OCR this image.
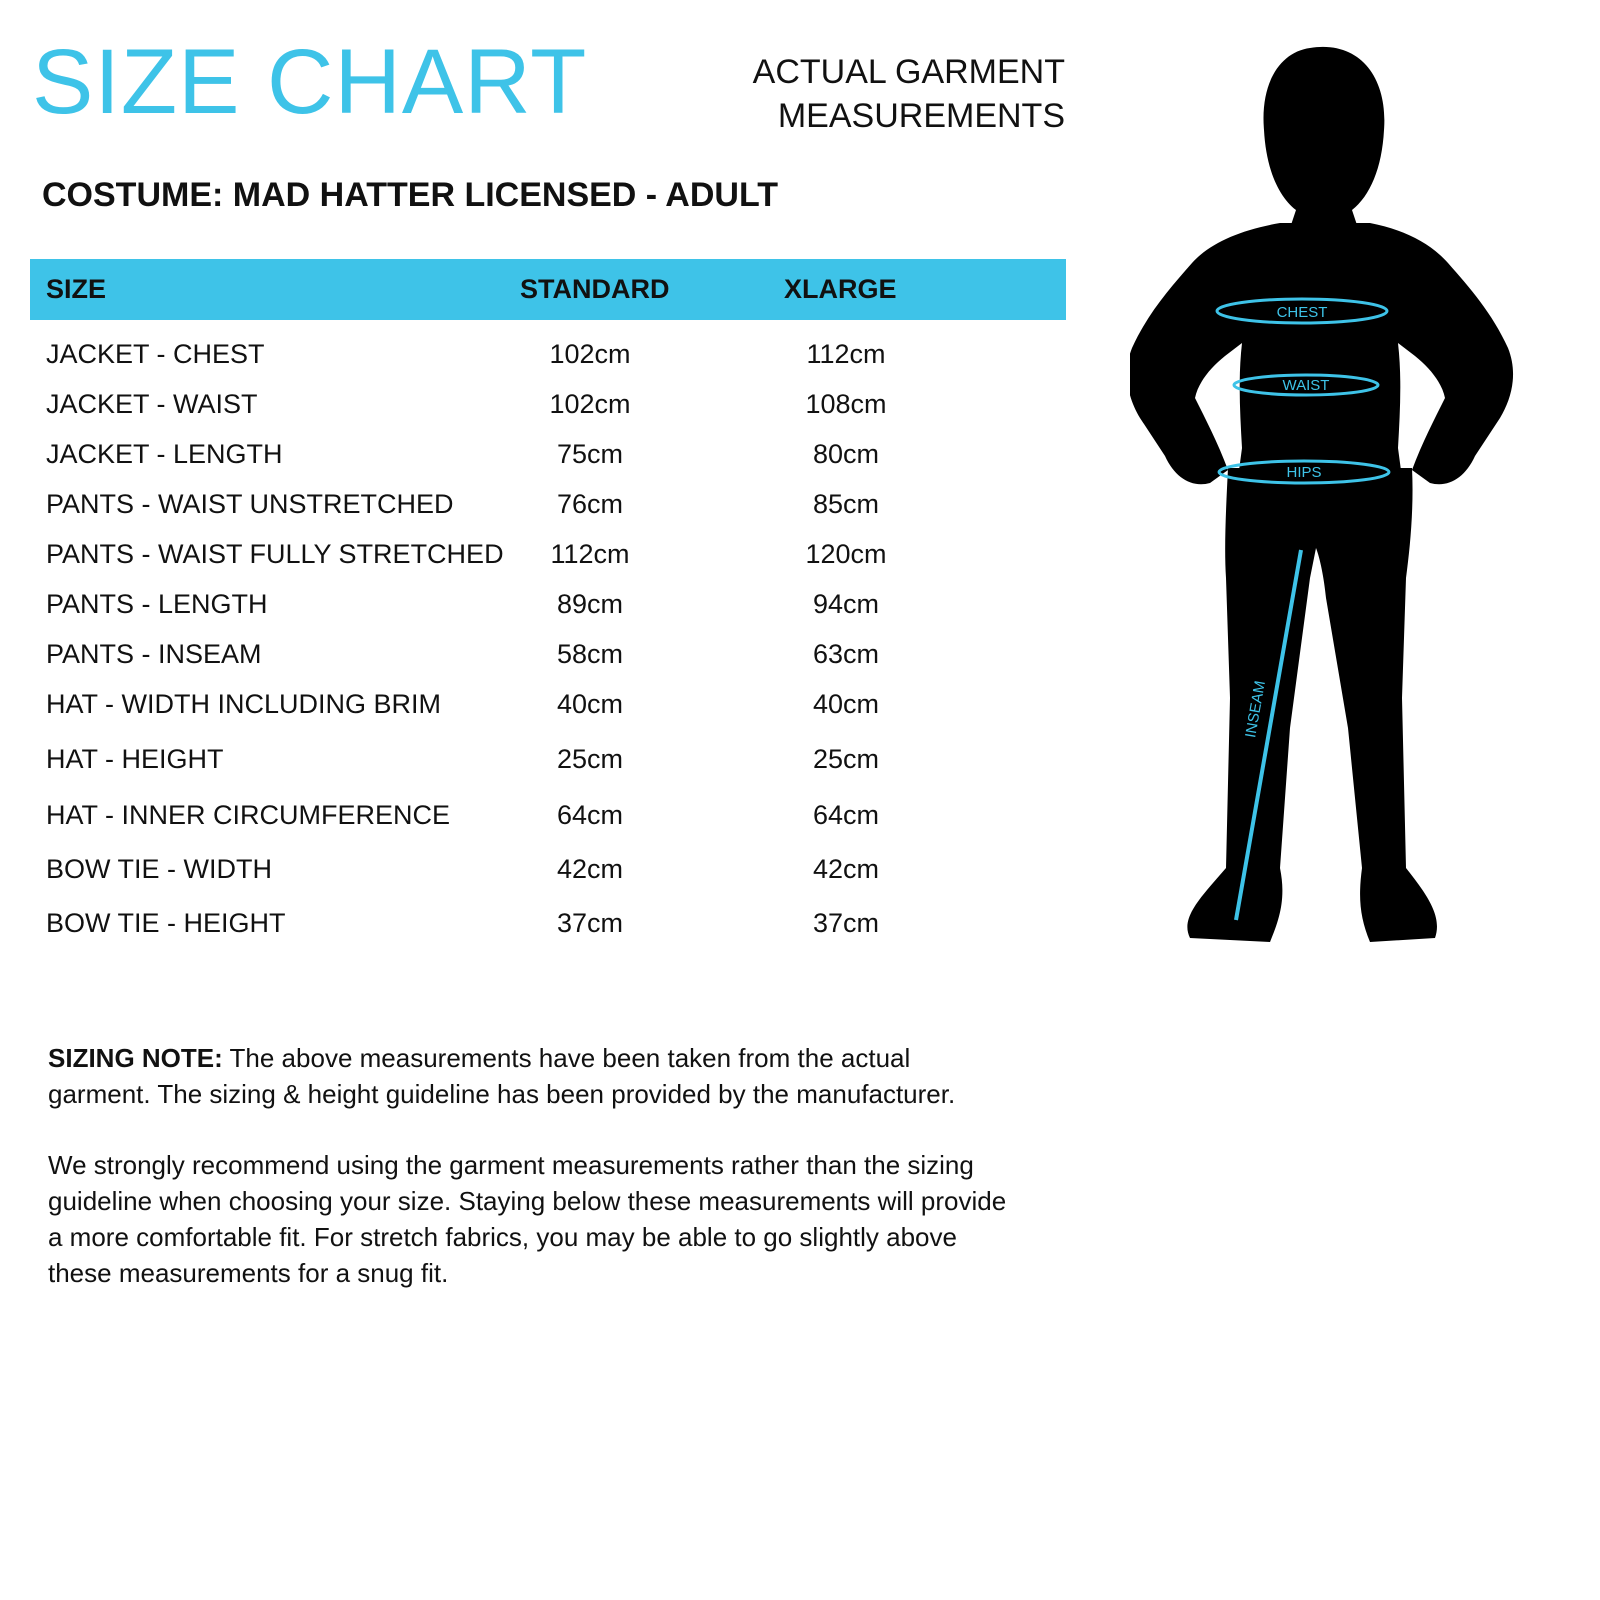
SIZE CHART	ACTUAL GARMENT
MEASUREMENTS
COSTUME: MAD HATTER LICENSED - ADULT
SIZE	STANDARD	XLARGE
JACKET - CHEST	102cm	112cm
JACKET - WAIST	102cm	108cm
JACKET - LENGTH	75cm	80cm
PANTS - WAIST UNSTRETCHED	76cm	85cm
PANTS - WAIST FULLY STRETCHED	112cm	120cm
PANTS - LENGTH	89cm	94cm
PANTS - INSEAM	58cm	63cm
HAT - WIDTH INCLUDING BRIM	40cm	40cm
HAT - HEIGHT	25cm	25cm
HAT - INNER CIRCUMFERENCE	64cm	64cm
BOW TIE - WIDTH	42cm	42cm
BOW TIE - HEIGHT	37cm	37cm

SIZING NOTE: The above measurements have been taken from the actual garment. The sizing & height guideline has been provided by the manufacturer.

We strongly recommend using the garment measurements rather than the sizing guideline when choosing your size. Staying below these measurements will provide a more comfortable fit. For stretch fabrics, you may be able to go slightly above these measurements for a snug fit.

CHEST
WAIST
HIPS
INSEAM
